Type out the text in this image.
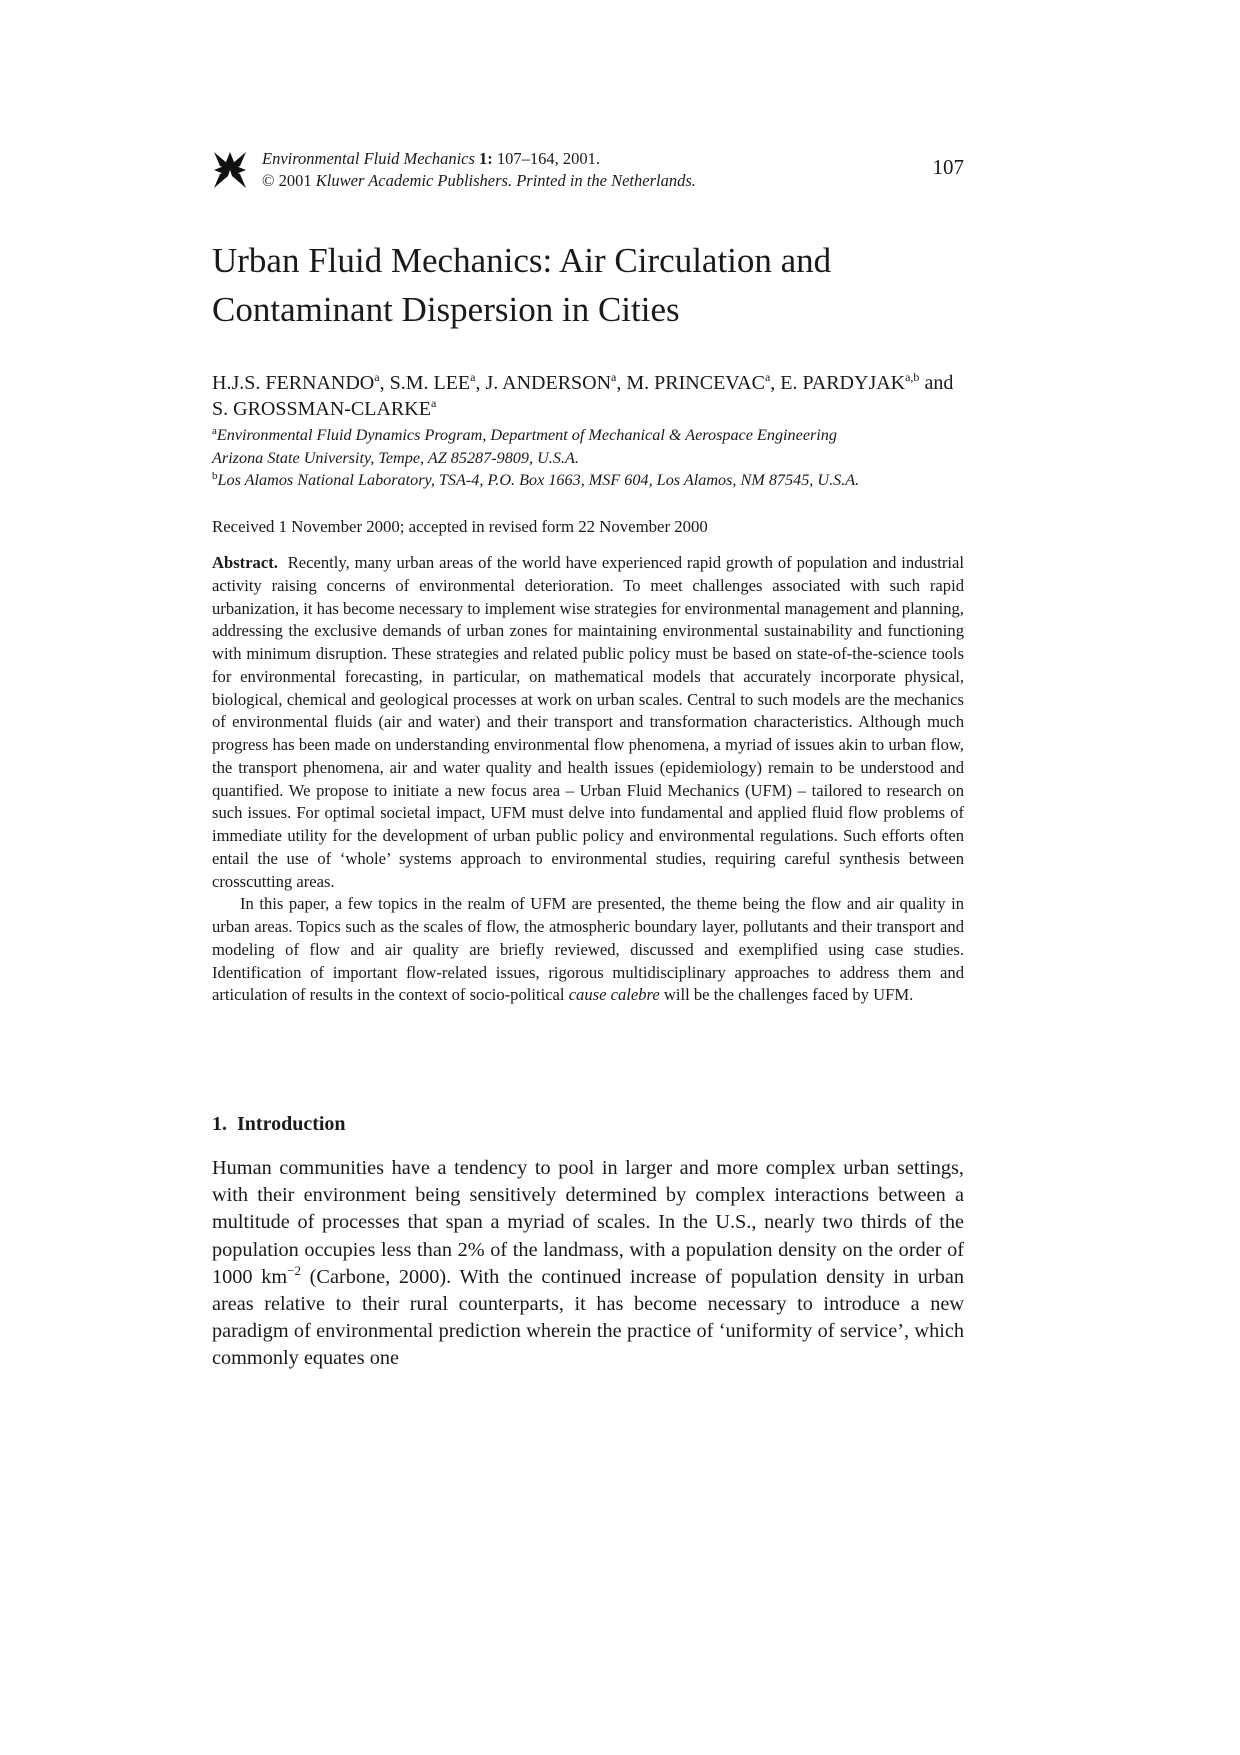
Environmental Fluid Mechanics 1: 107–164, 2001.
© 2001 Kluwer Academic Publishers. Printed in the Netherlands.
107
Urban Fluid Mechanics: Air Circulation and
Contaminant Dispersion in Cities
H.J.S. FERNANDO$^a$, S.M. LEE$^a$, J. ANDERSON$^a$, M. PRINCEVAC$^a$, E. PARDYJAK$^{a,b}$ and S. GROSSMAN-CLARKE$^a$
$^a$Environmental Fluid Dynamics Program, Department of Mechanical & Aerospace Engineering
Arizona State University, Tempe, AZ 85287-9809, U.S.A.
$^b$Los Alamos National Laboratory, TSA-4, P.O. Box 1663, MSF 604, Los Alamos, NM 87545, U.S.A.
Received 1 November 2000; accepted in revised form 22 November 2000

Abstract. Recently, many urban areas of the world have experienced rapid growth of population and industrial activity raising concerns of environmental deterioration. To meet challenges associated with such rapid urbanization, it has become necessary to implement wise strategies for environmental management and planning, addressing the exclusive demands of urban zones for maintaining environmental sustainability and functioning with minimum disruption. These strategies and related public policy must be based on state-of-the-science tools for environmental forecasting, in particular, on mathematical models that accurately incorporate physical, biological, chemical and geological processes at work on urban scales. Central to such models are the mechanics of environmental fluids (air and water) and their transport and transformation characteristics. Although much progress has been made on understanding environmental flow phenomena, a myriad of issues akin to urban flow, the transport phenomena, air and water quality and health issues (epidemiology) remain to be understood and quantified. We propose to initiate a new focus area – Urban Fluid Mechanics (UFM) – tailored to research on such issues. For optimal societal impact, UFM must delve into fundamental and applied fluid flow problems of immediate utility for the development of urban public policy and environmental regulations. Such efforts often entail the use of ‘whole’ systems approach to environmental studies, requiring careful synthesis between crosscutting areas.

In this paper, a few topics in the realm of UFM are presented, the theme being the flow and air quality in urban areas. Topics such as the scales of flow, the atmospheric boundary layer, pollutants and their transport and modeling of flow and air quality are briefly reviewed, discussed and exemplified using case studies. Identification of important flow-related issues, rigorous multidisciplinary approaches to address them and articulation of results in the context of socio-political cause calebre will be the challenges faced by UFM.

1. Introduction

Human communities have a tendency to pool in larger and more complex urban settings, with their environment being sensitively determined by complex interactions between a multitude of processes that span a myriad of scales. In the U.S., nearly two thirds of the population occupies less than 2% of the landmass, with a population density on the order of 1000 $km^{-2}$ (Carbone, 2000). With the continued increase of population density in urban areas relative to their rural counterparts, it has become necessary to introduce a new paradigm of environmental prediction wherein the practice of ‘uniformity of service’, which commonly equates one
